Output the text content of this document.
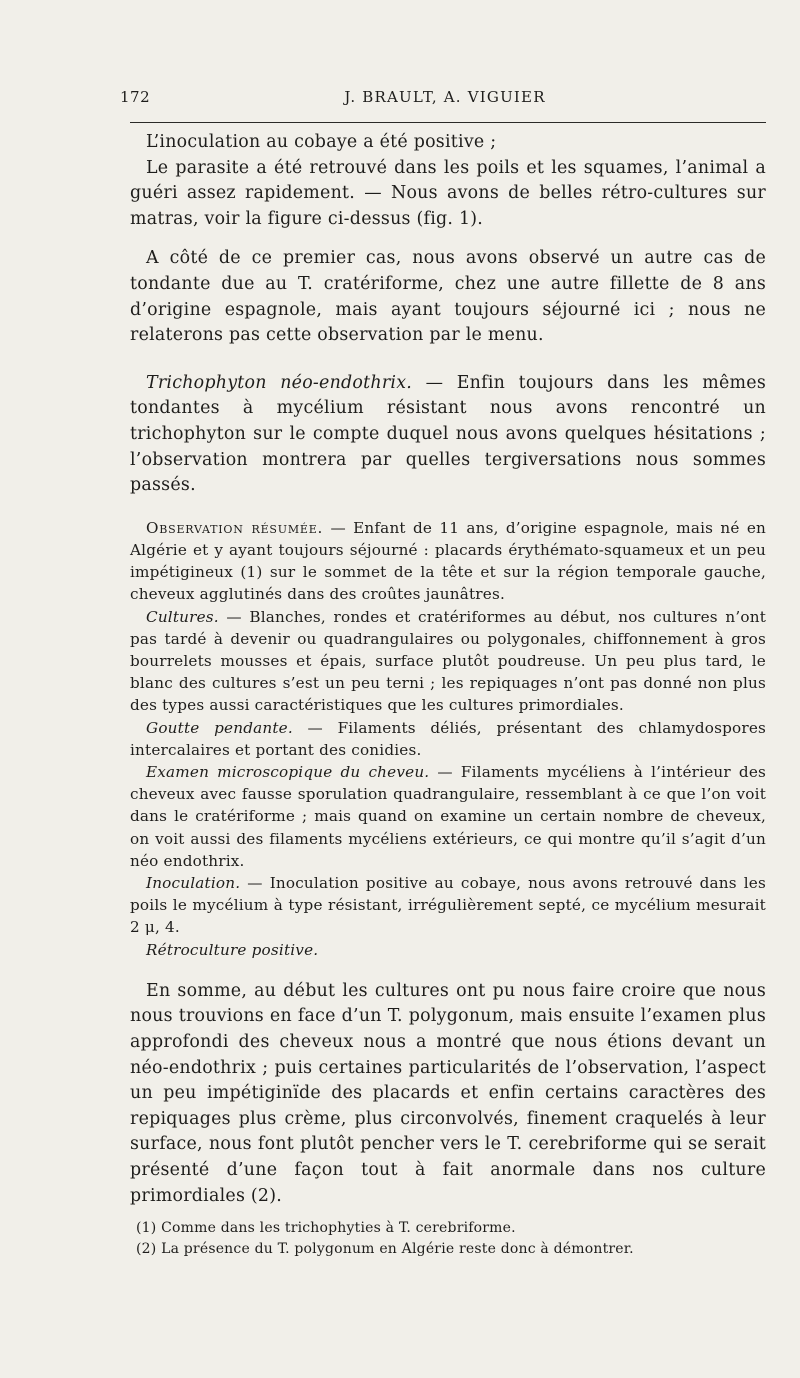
172	J. BRAULT, A. VIGUIER

L’inoculation au cobaye a été positive ;

Le parasite a été retrouvé dans les poils et les squames, l’animal a guéri assez rapidement. — Nous avons de belles rétro-cultures sur matras, voir la figure ci-dessus (fig. 1).

A côté de ce premier cas, nous avons observé un autre cas de tondante due au T. cratériforme, chez une autre fillette de 8 ans d’origine espagnole, mais ayant toujours séjourné ici ; nous ne relaterons pas cette observation par le menu.

Trichophyton néo-endothrix. — Enfin toujours dans les mêmes tondantes à mycélium résistant nous avons rencontré un trichophyton sur le compte duquel nous avons quelques hésitations ; l’observation montrera par quelles tergiversations nous sommes passés.

Observation résumée. — Enfant de 11 ans, d’origine espagnole, mais né en Algérie et y ayant toujours séjourné : placards érythémato-squameux et un peu impétigineux (1) sur le sommet de la tête et sur la région temporale gauche, cheveux agglutinés dans des croûtes jaunâtres.

Cultures. — Blanches, rondes et cratériformes au début, nos cultures n’ont pas tardé à devenir ou quadrangulaires ou polygonales, chiffonnement à gros bourrelets mousses et épais, surface plutôt poudreuse. Un peu plus tard, le blanc des cultures s’est un peu terni ; les repiquages n’ont pas donné non plus des types aussi caractéristiques que les cultures primordiales.

Goutte pendante. — Filaments déliés, présentant des chlamydospores intercalaires et portant des conidies.

Examen microscopique du cheveu. — Filaments mycéliens à l’intérieur des cheveux avec fausse sporulation quadrangulaire, ressemblant à ce que l’on voit dans le cratériforme ; mais quand on examine un certain nombre de cheveux, on voit aussi des filaments mycéliens extérieurs, ce qui montre qu’il s’agit d’un néo endothrix.

Inoculation. — Inoculation positive au cobaye, nous avons retrouvé dans les poils le mycélium à type résistant, irrégulièrement septé, ce mycélium mesurait 2 μ, 4.

Rétroculture positive.

En somme, au début les cultures ont pu nous faire croire que nous nous trouvions en face d’un T. polygonum, mais ensuite l’examen plus approfondi des cheveux nous a montré que nous étions devant un néo-endothrix ; puis certaines particularités de l’observation, l’aspect un peu impétiginïde des placards et enfin certains caractères des repiquages plus crème, plus circonvolvés, finement craquelés à leur surface, nous font plutôt pencher vers le T. cerebriforme qui se serait présenté d’une façon tout à fait anormale dans nos culture primordiales (2).

(1) Comme dans les trichophyties à T. cerebriforme.

(2) La présence du T. polygonum en Algérie reste donc à démontrer.
